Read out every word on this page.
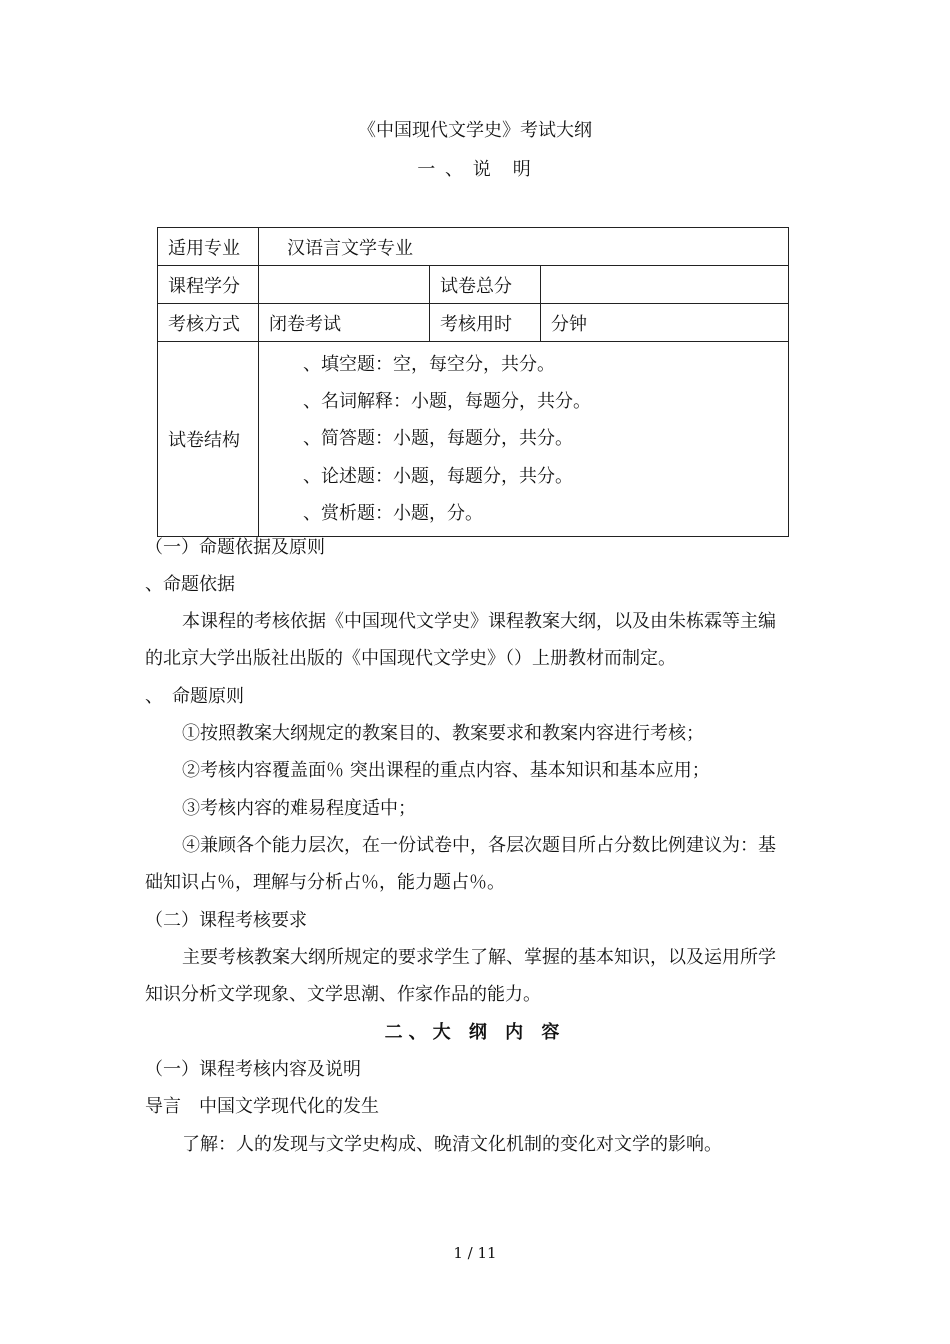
《中国现代文学史》考试大纲
一 、 说　明
适用专业	汉语言文学专业		
课程学分		试卷总分	
考核方式	闭卷考试	考核用时	分钟
试卷结构	、填空题：空，每空分，共分。
、名词解释：小题，每题分，共分。
、简答题：小题，每题分，共分。
、论述题：小题，每题分，共分。
、赏析题：小题，分。		
（一）命题依据及原则
、命题依据
本课程的考核依据《中国现代文学史》课程教案大纲，以及由朱栋霖等主编
的北京大学出版社出版的《中国现代文学史》（）上册教材而制定。
、　命题原则
①按照教案大纲规定的教案目的、教案要求和教案内容进行考核；
②考核内容覆盖面％ 突出课程的重点内容、基本知识和基本应用；
③考核内容的难易程度适中；
④兼顾各个能力层次，在一份试卷中，各层次题目所占分数比例建议为：基
础知识占％，理解与分析占％，能力题占％。
（二）课程考核要求
主要考核教案大纲所规定的要求学生了解、掌握的基本知识，以及运用所学
知识分析文学现象、文学思潮、作家作品的能力。
二、大 纲 内 容
（一）课程考核内容及说明
导言　中国文学现代化的发生
了解：人的发现与文学史构成、晚清文化机制的变化对文学的影响。
1 / 11
